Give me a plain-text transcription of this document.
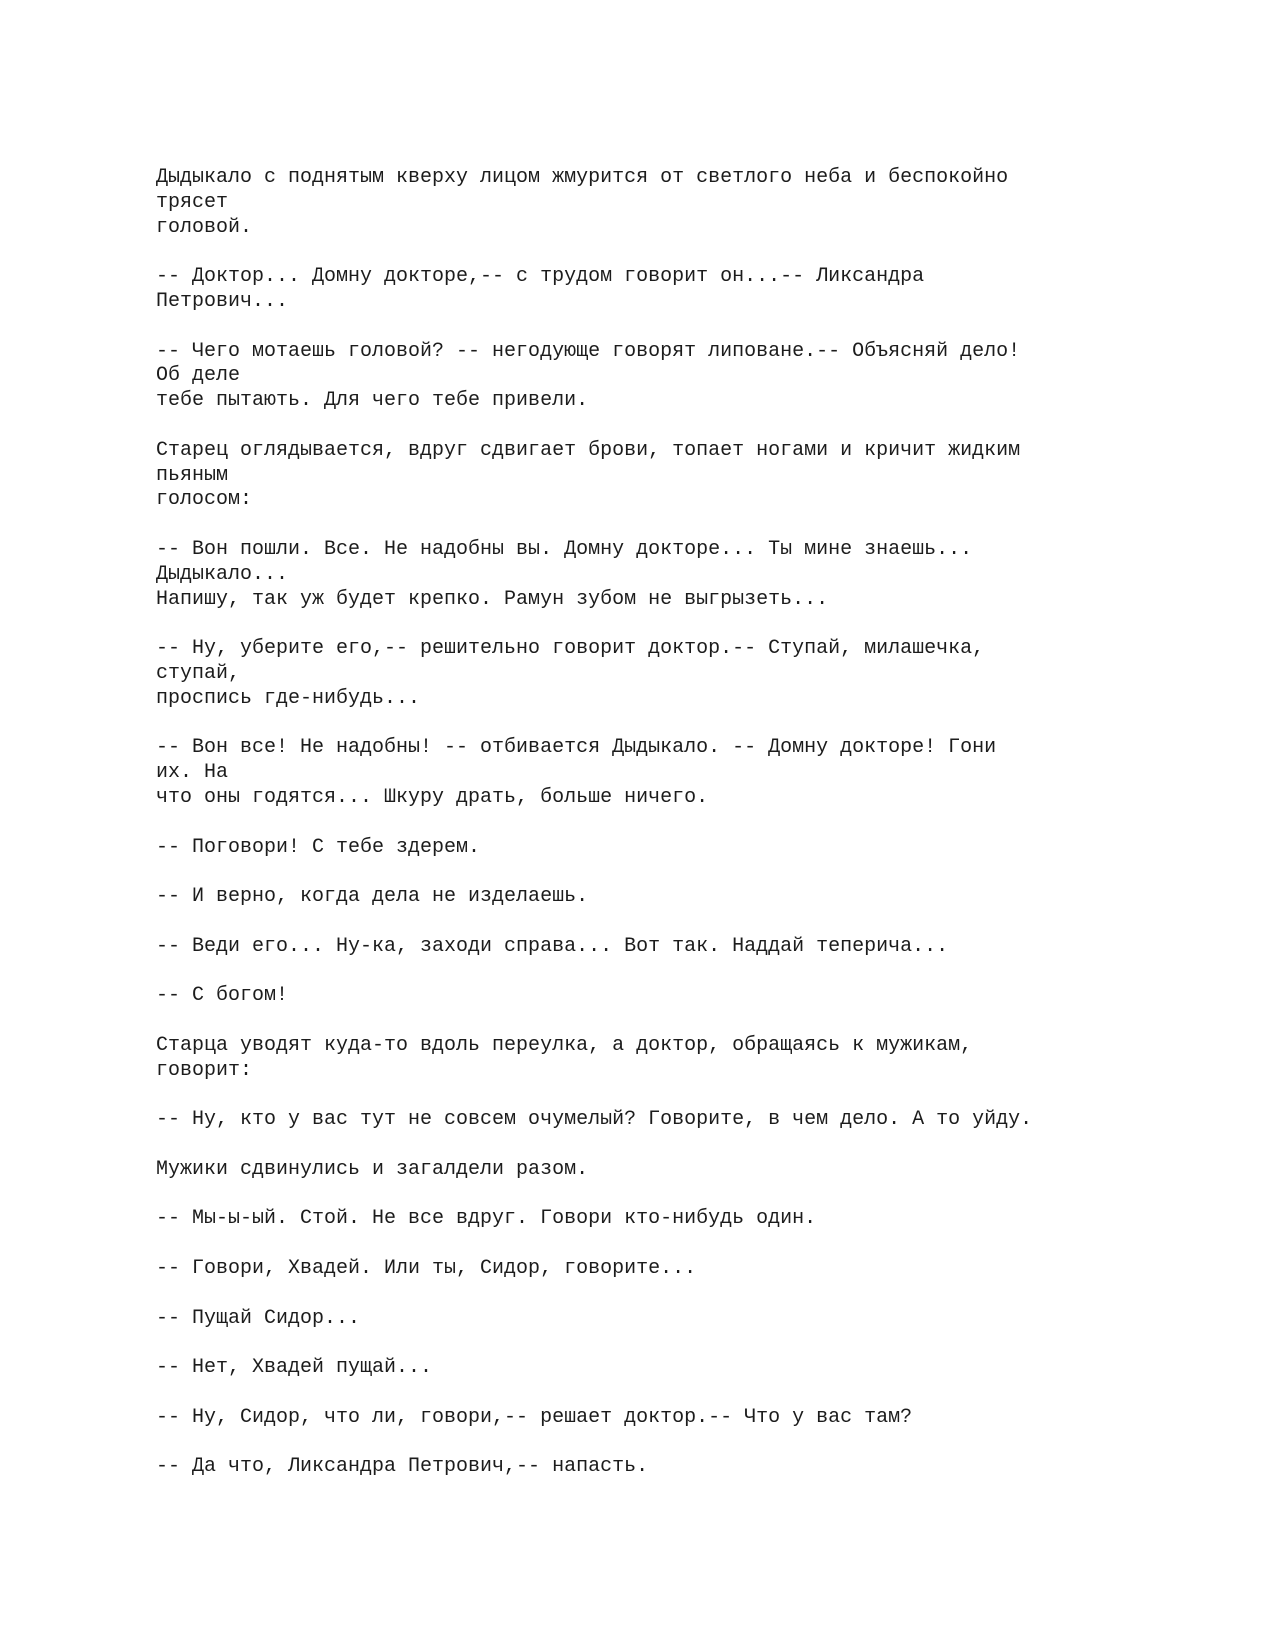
Дыдыкало с поднятым кверху лицом жмурится от светлого неба и беспокойно
трясет
головой.
-- Доктор... Домну докторе,-- с трудом говорит он...-- Ликсандра
Петрович...
-- Чего мотаешь головой? -- негодующе говорят липоване.-- Объясняй дело!
Об деле
тебе пытають. Для чего тебе привели.
Старец оглядывается, вдруг сдвигает брови, топает ногами и кричит жидким
пьяным
голосом:
-- Вон пошли. Все. Не надобны вы. Домну докторе... Ты мине знаешь...
Дыдыкало...
Напишу, так уж будет крепко. Рамун зубом не выгрызеть...
-- Ну, уберите его,-- решительно говорит доктор.-- Ступай, милашечка,
ступай,
проспись где-нибудь...
-- Вон все! Не надобны! -- отбивается Дыдыкало. -- Домну докторе! Гони
их. На
что оны годятся... Шкуру драть, больше ничего.
-- Поговори! С тебе здерем.
-- И верно, когда дела не изделаешь.
-- Веди его... Ну-ка, заходи справа... Вот так. Наддай теперича...
-- С богом!
Старца уводят куда-то вдоль переулка, а доктор, обращаясь к мужикам,
говорит:
-- Ну, кто у вас тут не совсем очумелый? Говорите, в чем дело. А то уйду.
Мужики сдвинулись и загалдели разом.
-- Мы-ы-ый. Стой. Не все вдруг. Говори кто-нибудь один.
-- Говори, Хвадей. Или ты, Сидор, говорите...
-- Пущай Сидор...
-- Нет, Хвадей пущай...
-- Ну, Сидор, что ли, говори,-- решает доктор.-- Что у вас там?
-- Да что, Ликсандра Петрович,-- напасть.
